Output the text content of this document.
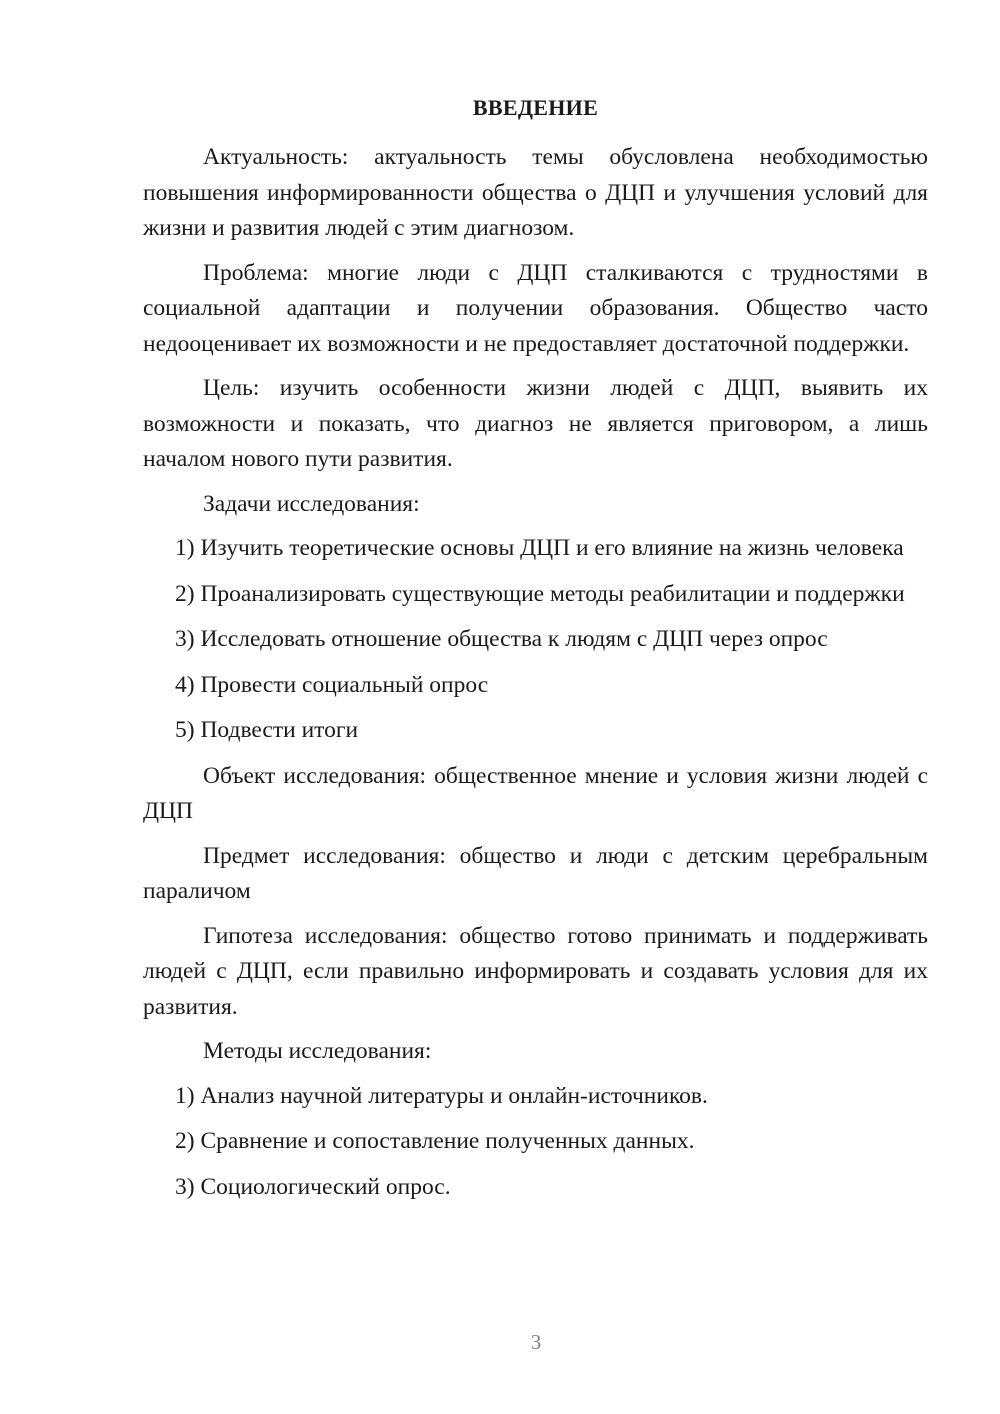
ВВЕДЕНИЕ

Актуальность: актуальность темы обусловлена необходимостью повышения информированности общества о ДЦП и улучшения условий для жизни и развития людей с этим диагнозом.

Проблема: многие люди с ДЦП сталкиваются с трудностями в социальной адаптации и получении образования. Общество часто недооценивает их возможности и не предоставляет достаточной поддержки.

Цель: изучить особенности жизни людей с ДЦП, выявить их возможности и показать, что диагноз не является приговором, а лишь началом нового пути развития.

Задачи исследования:

1) Изучить теоретические основы ДЦП и его влияние на жизнь человека

2) Проанализировать существующие методы реабилитации и поддержки

3) Исследовать отношение общества к людям с ДЦП через опрос

4) Провести социальный опрос

5) Подвести итоги

Объект исследования: общественное мнение и условия жизни людей с ДЦП

Предмет исследования: общество и люди с детским церебральным параличом

Гипотеза исследования: общество готово принимать и поддерживать людей с ДЦП, если правильно информировать и создавать условия для их развития.

Методы исследования:

1) Анализ научной литературы и онлайн-источников.

2) Сравнение и сопоставление полученных данных.

3) Социологический опрос.

3
